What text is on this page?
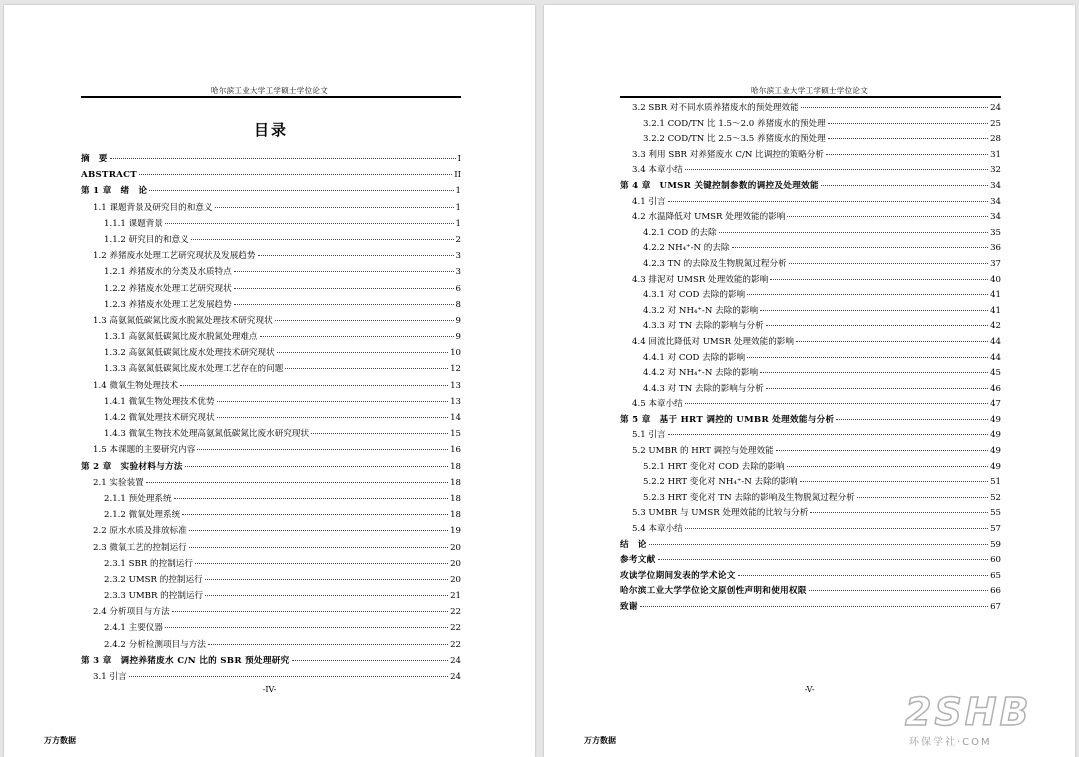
哈尔滨工业大学工学硕士学位论文
目录
摘　要	I
ABSTRACT	II
第 1 章　绪　论	1
1.1 课题背景及研究目的和意义	1
1.1.1 课题背景	1
1.1.2 研究目的和意义	2
1.2 养猪废水处理工艺研究现状及发展趋势	3
1.2.1 养猪废水的分类及水质特点	3
1.2.2 养猪废水处理工艺研究现状	6
1.2.3 养猪废水处理工艺发展趋势	8
1.3 高氨氮低碳氮比废水脱氮处理技术研究现状	9
1.3.1 高氨氮低碳氮比废水脱氮处理难点	9
1.3.2 高氨氮低碳氮比废水处理技术研究现状	10
1.3.3 高氨氮低碳氮比废水处理工艺存在的问题	12
1.4 微氧生物处理技术	13
1.4.1 微氧生物处理技术优势	13
1.4.2 微氧处理技术研究现状	14
1.4.3 微氧生物技术处理高氨氮低碳氮比废水研究现状	15
1.5 本课题的主要研究内容	16
第 2 章　实验材料与方法	18
2.1 实验装置	18
2.1.1 预处理系统	18
2.1.2 微氧处理系统	18
2.2 原水水质及排放标准	19
2.3 微氧工艺的控制运行	20
2.3.1 SBR 的控制运行	20
2.3.2 UMSR 的控制运行	20
2.3.3 UMBR 的控制运行	21
2.4 分析项目与方法	22
2.4.1 主要仪器	22
2.4.2 分析检测项目与方法	22
第 3 章　调控养猪废水 C/N 比的 SBR 预处理研究	24
3.1 引言	24
-IV-
万方数据
哈尔滨工业大学工学硕士学位论文
3.2 SBR 对不同水质养猪废水的预处理效能	24
3.2.1 COD/TN 比 1.5～2.0 养猪废水的预处理	25
3.2.2 COD/TN 比 2.5～3.5 养猪废水的预处理	28
3.3 利用 SBR 对养猪废水 C/N 比调控的策略分析	31
3.4 本章小结	32
第 4 章　UMSR 关键控制参数的调控及处理效能	34
4.1 引言	34
4.2 水温降低对 UMSR 处理效能的影响	34
4.2.1 COD 的去除	35
4.2.2 NH₄⁺-N 的去除	36
4.2.3 TN 的去除及生物脱氮过程分析	37
4.3 排泥对 UMSR 处理效能的影响	40
4.3.1 对 COD 去除的影响	41
4.3.2 对 NH₄⁺-N 去除的影响	41
4.3.3 对 TN 去除的影响与分析	42
4.4 回流比降低对 UMSR 处理效能的影响	44
4.4.1 对 COD 去除的影响	44
4.4.2 对 NH₄⁺-N 去除的影响	45
4.4.3 对 TN 去除的影响与分析	46
4.5 本章小结	47
第 5 章　基于 HRT 调控的 UMBR 处理效能与分析	49
5.1 引言	49
5.2 UMBR 的 HRT 调控与处理效能	49
5.2.1 HRT 变化对 COD 去除的影响	49
5.2.2 HRT 变化对 NH₄⁺-N 去除的影响	51
5.2.3 HRT 变化对 TN 去除的影响及生物脱氮过程分析	52
5.3 UMBR 与 UMSR 处理效能的比较与分析	55
5.4 本章小结	57
结　论	59
参考文献	60
攻读学位期间发表的学术论文	65
哈尔滨工业大学学位论文原创性声明和使用权限	66
致谢	67
-V-
万方数据
2SHB
环保学社·COM
